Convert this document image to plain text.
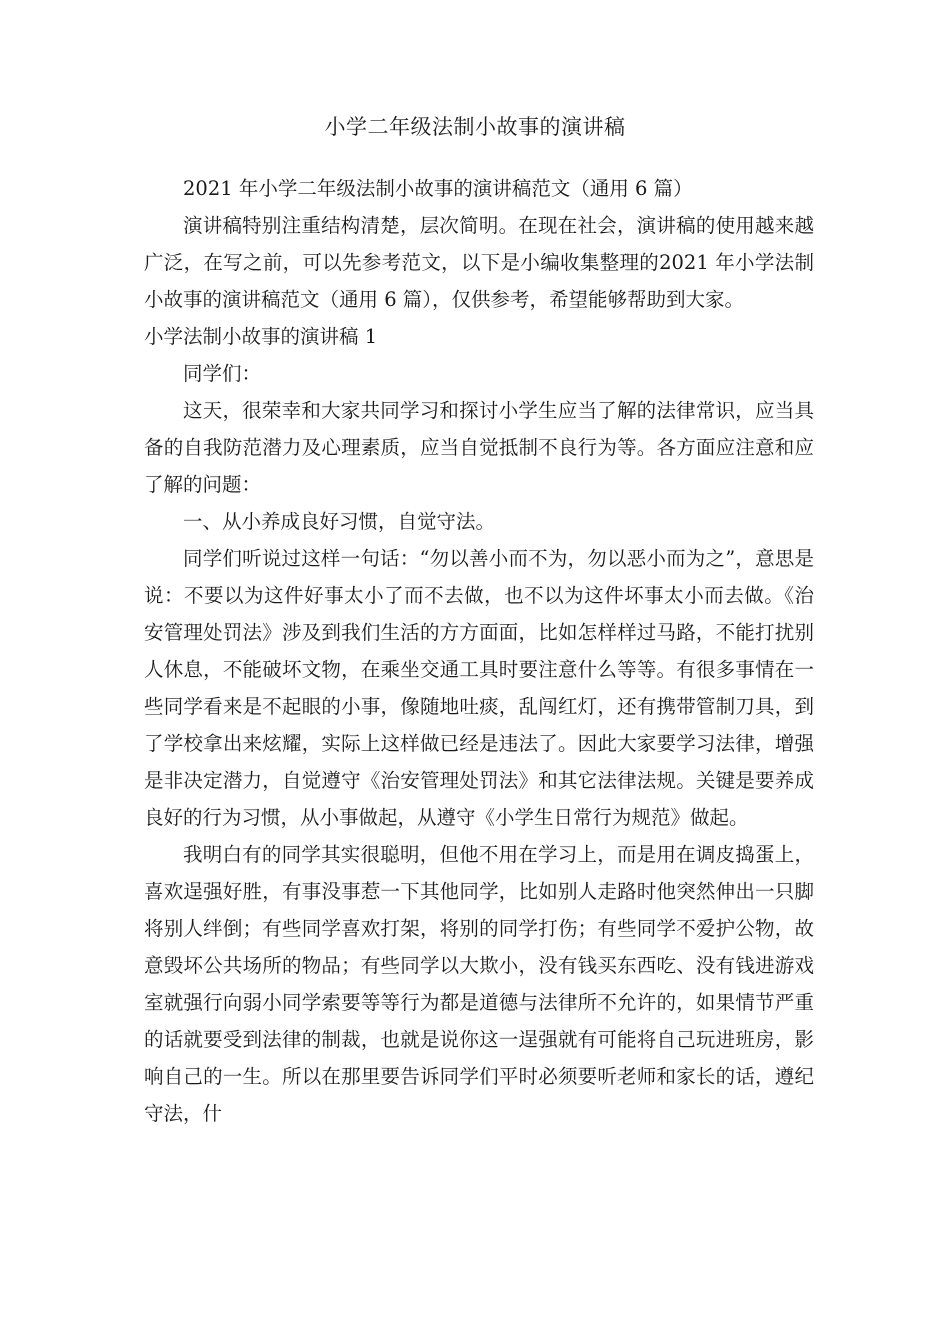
小学二年级法制小故事的演讲稿

2021 年小学二年级法制小故事的演讲稿范文（通用 6 篇）

演讲稿特别注重结构清楚，层次简明。在现在社会，演讲稿的使用越来越广泛，在写之前，可以先参考范文，以下是小编收集整理的2021 年小学法制小故事的演讲稿范文（通用 6 篇），仅供参考，希望能够帮助到大家。

小学法制小故事的演讲稿 1

同学们：

这天，很荣幸和大家共同学习和探讨小学生应当了解的法律常识，应当具备的自我防范潜力及心理素质，应当自觉抵制不良行为等。各方面应注意和应了解的问题：

一、从小养成良好习惯，自觉守法。

同学们听说过这样一句话：“勿以善小而不为，勿以恶小而为之”，意思是说：不要以为这件好事太小了而不去做，也不以为这件坏事太小而去做。《治安管理处罚法》涉及到我们生活的方方面面，比如怎样样过马路，不能打扰别人休息，不能破坏文物，在乘坐交通工具时要注意什么等等。有很多事情在一些同学看来是不起眼的小事，像随地吐痰，乱闯红灯，还有携带管制刀具，到了学校拿出来炫耀，实际上这样做已经是违法了。因此大家要学习法律，增强是非决定潜力，自觉遵守《治安管理处罚法》和其它法律法规。关键是要养成良好的行为习惯，从小事做起，从遵守《小学生日常行为规范》做起。

我明白有的同学其实很聪明，但他不用在学习上，而是用在调皮捣蛋上，喜欢逞强好胜，有事没事惹一下其他同学，比如别人走路时他突然伸出一只脚将别人绊倒；有些同学喜欢打架，将别的同学打伤；有些同学不爱护公物，故意毁坏公共场所的物品；有些同学以大欺小，没有钱买东西吃、没有钱进游戏室就强行向弱小同学索要等等行为都是道德与法律所不允许的，如果情节严重的话就要受到法律的制裁，也就是说你这一逞强就有可能将自己玩进班房，影响自己的一生。所以在那里要告诉同学们平时必须要听老师和家长的话，遵纪守法，什
